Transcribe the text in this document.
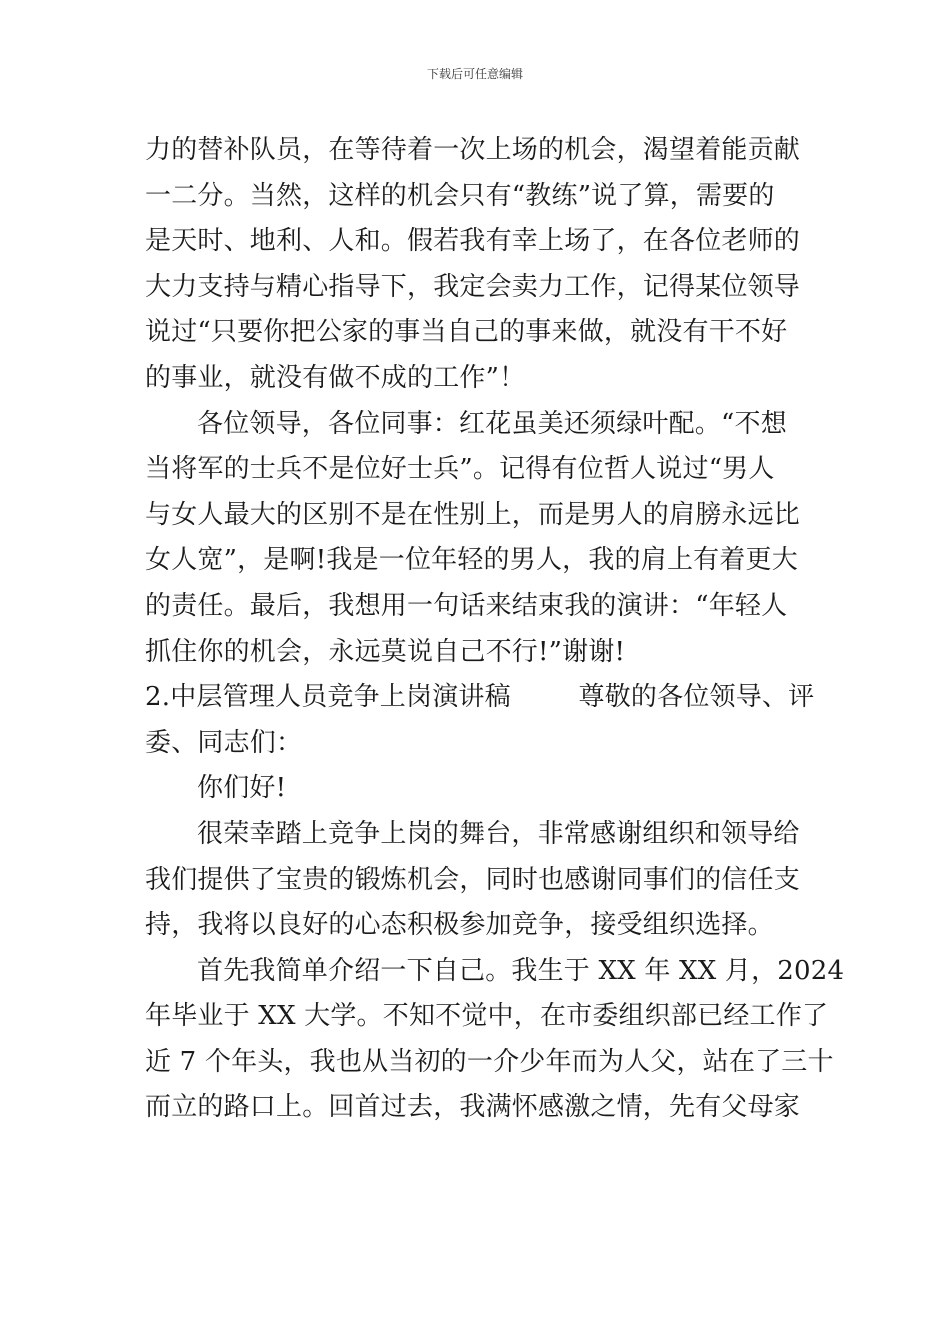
下载后可任意编辑
力的替补队员，在等待着一次上场的机会，渴望着能贡献
一二分。当然，这样的机会只有“教练”说了算，需要的
是天时、地利、人和。假若我有幸上场了，在各位老师的
大力支持与精心指导下，我定会卖力工作，记得某位领导
说过“只要你把公家的事当自己的事来做，就没有干不好
的事业，就没有做不成的工作”！
各位领导，各位同事：红花虽美还须绿叶配。“不想
当将军的士兵不是位好士兵”。记得有位哲人说过“男人
与女人最大的区别不是在性别上，而是男人的肩膀永远比
女人宽”，是啊!我是一位年轻的男人，我的肩上有着更大
的责任。最后，我想用一句话来结束我的演讲：“年轻人
抓住你的机会，永远莫说自己不行!”谢谢!
2.中层管理人员竞争上岗演讲稿        尊敬的各位领导、评
委、同志们：
你们好!
很荣幸踏上竞争上岗的舞台，非常感谢组织和领导给
我们提供了宝贵的锻炼机会，同时也感谢同事们的信任支
持，我将以良好的心态积极参加竞争，接受组织选择。
首先我简单介绍一下自己。我生于 XX 年 XX 月，2024
年毕业于 XX 大学。不知不觉中，在市委组织部已经工作了
近 7 个年头，我也从当初的一介少年而为人父，站在了三十
而立的路口上。回首过去，我满怀感激之情，先有父母家
